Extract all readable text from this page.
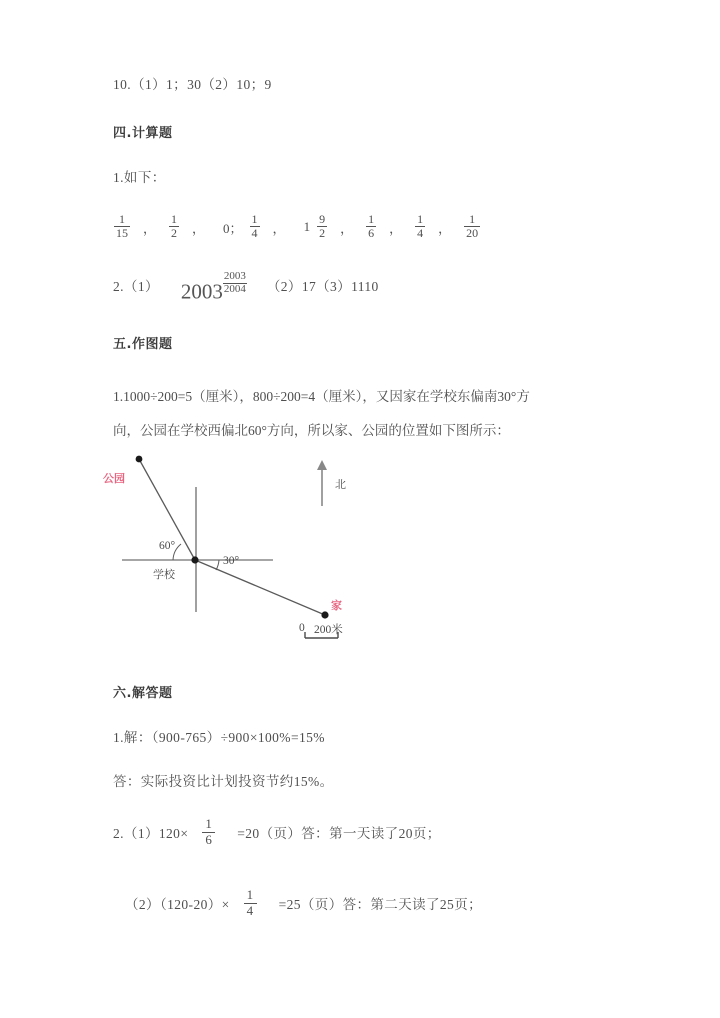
10.（1）1；30（2）10；9
四.计算题
1.如下：
$\frac{1}{15}$ ， $\frac{1}{2}$ ， 0； $\frac{1}{4}$ ， $1 \frac{9}{2}$ ， $\frac{1}{6}$ ， $\frac{1}{4}$ ， $\frac{1}{20}$
2.（1） $2003 \frac{2003}{2004} (2)17(3)1110$
五.作图题
1.1000÷200=5（厘米），800÷200=4（厘米），又因家在学校东偏南30°方
向，公园在学校西偏北60°方向，所以家、公园的位置如下图所示：
公园
学校
家
北
60°
30°
0 200米
六.解答题
1.解：（900-765）÷900×100%=15%
答：实际投资比计划投资节约15%。
$2.(1)120\times \frac{1}{6} =20$（页）答：第一天读了20页；
$(2)(120-20)\times \frac{1}{4} =25$（页）答：第二天读了25页；
